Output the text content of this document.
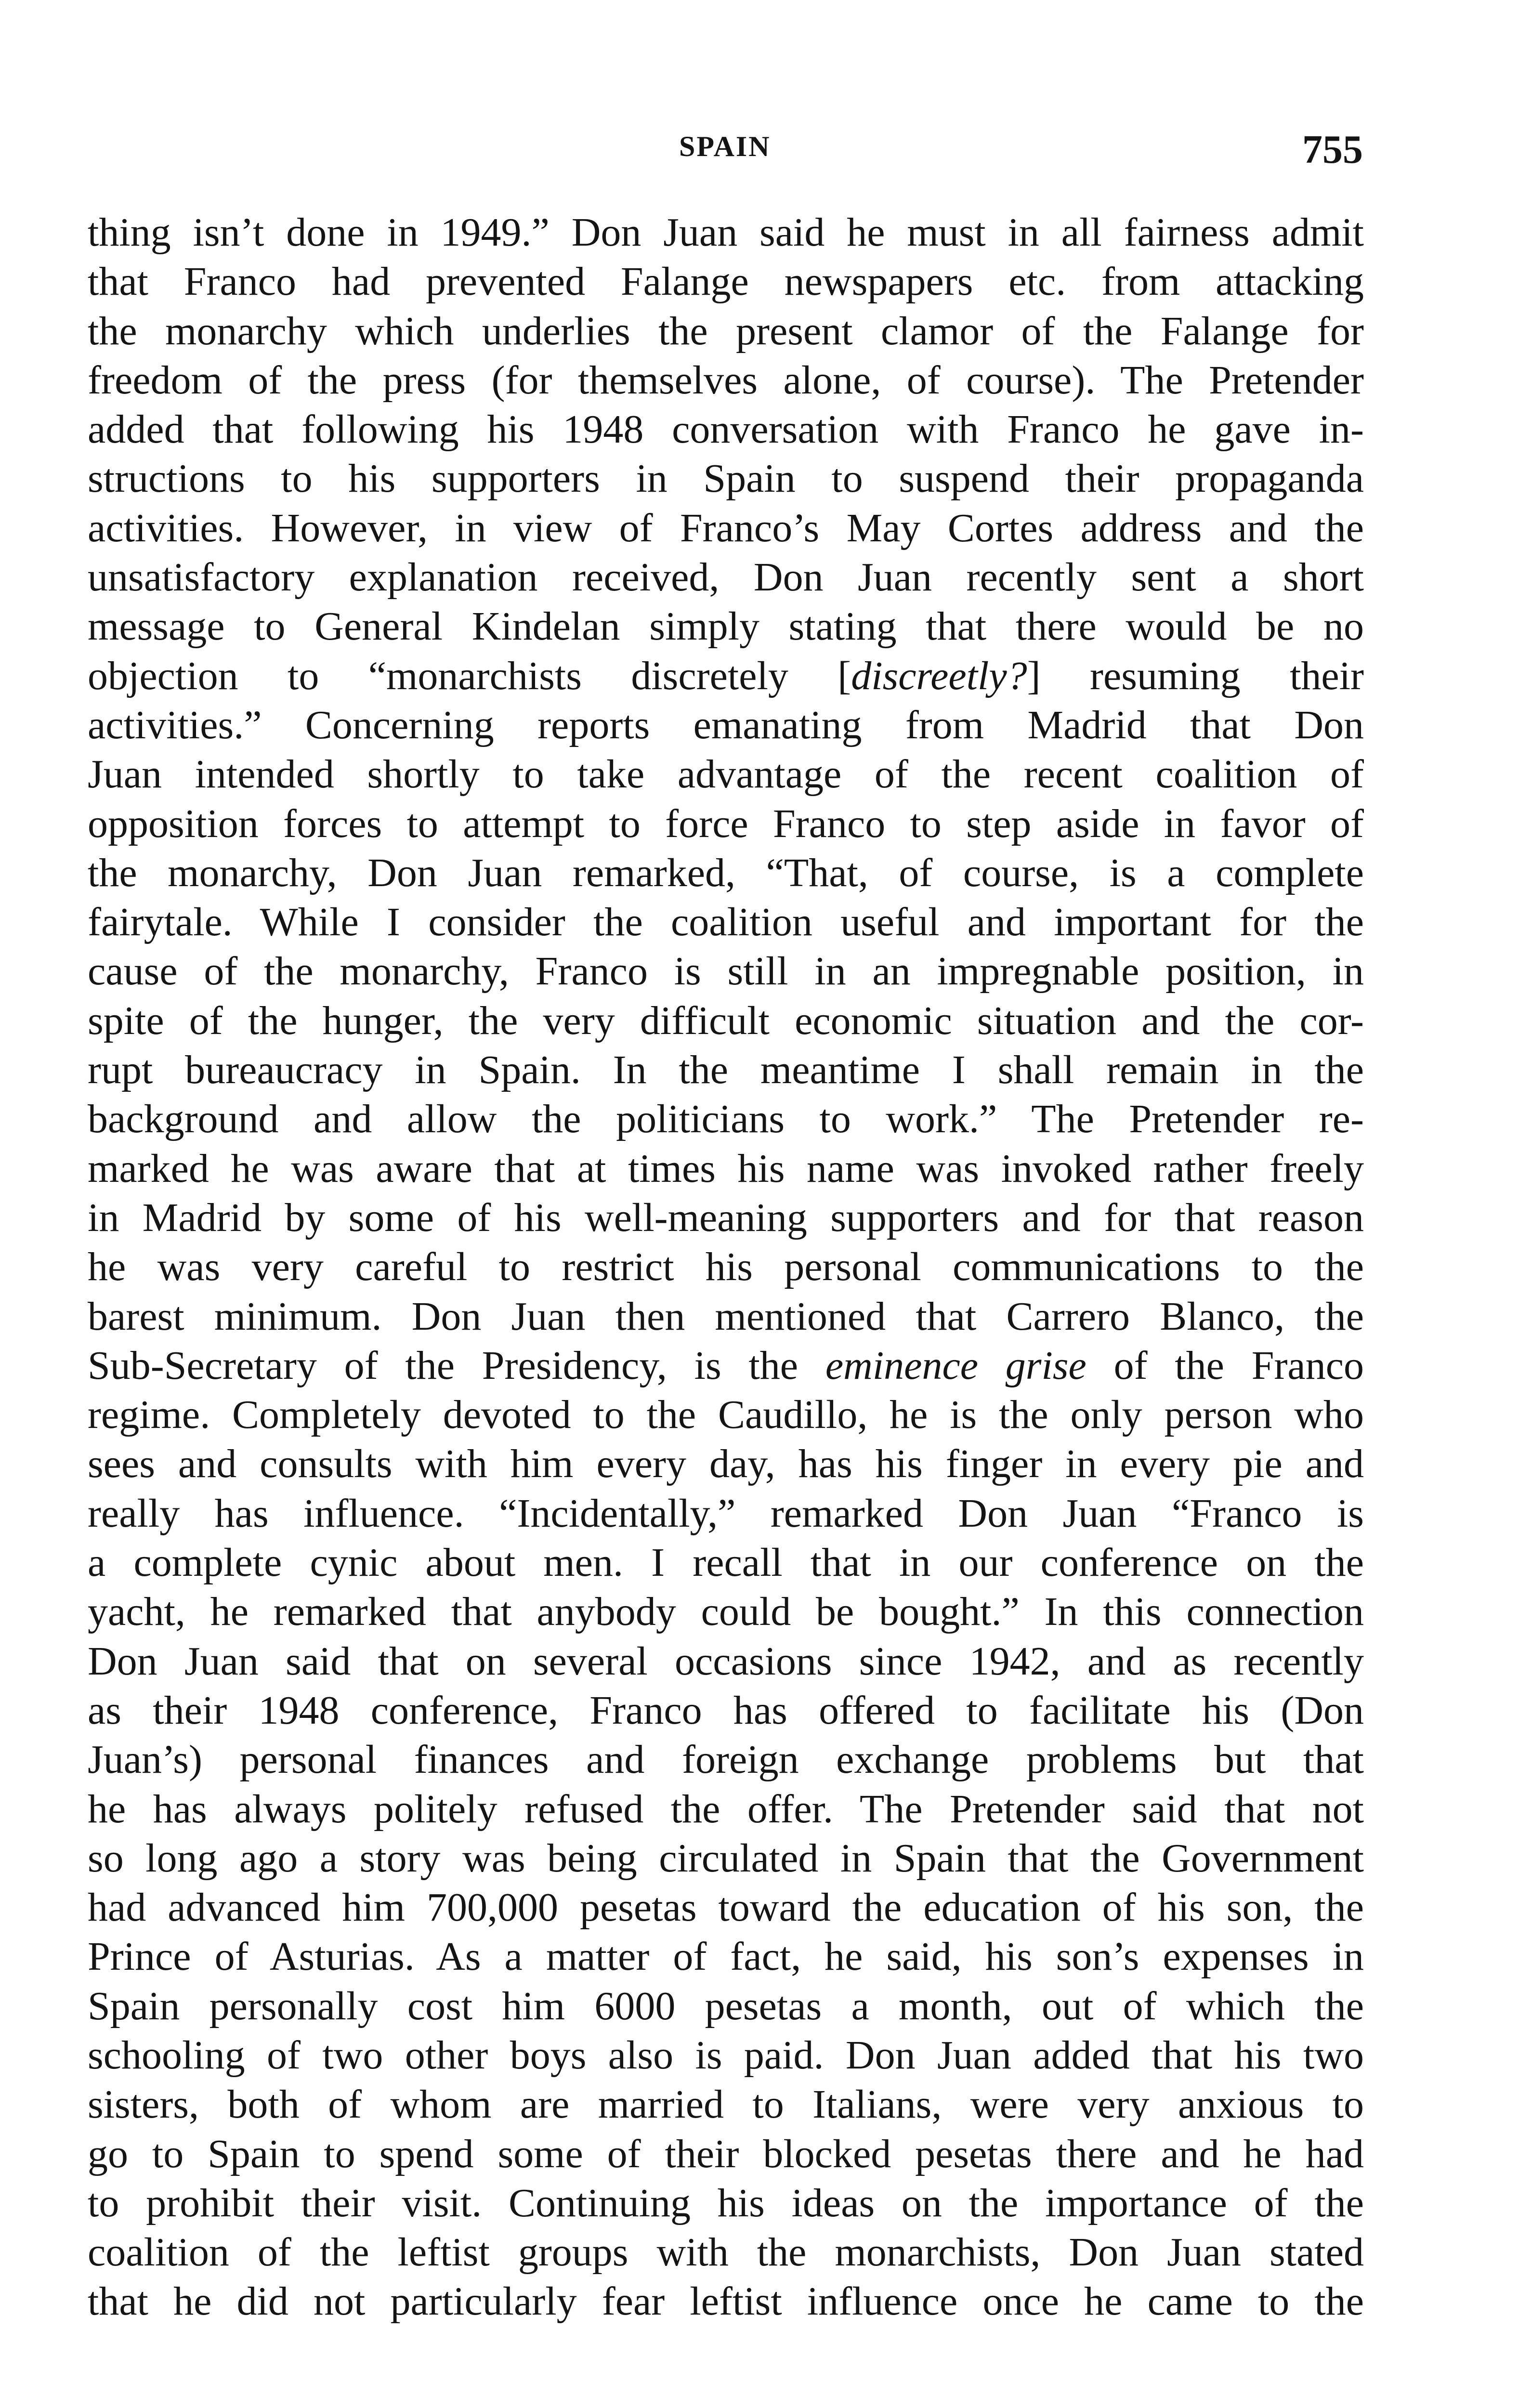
SPAIN	755
thing isn’t done in 1949.” Don Juan said he must in all fairness admit
that Franco had prevented Falange newspapers etc. from attacking
the monarchy which underlies the present clamor of the Falange for
freedom of the press (for themselves alone, of course). The Pretender
added that following his 1948 conversation with Franco he gave in-
structions to his supporters in Spain to suspend their propaganda
activities. However, in view of Franco’s May Cortes address and the
unsatisfactory explanation received, Don Juan recently sent a short
message to General Kindelan simply stating that there would be no
objection to “monarchists discretely [discreetly?] resuming their
activities.” Concerning reports emanating from Madrid that Don
Juan intended shortly to take advantage of the recent coalition of
opposition forces to attempt to force Franco to step aside in favor of
the monarchy, Don Juan remarked, “That, of course, is a complete
fairytale. While I consider the coalition useful and important for the
cause of the monarchy, Franco is still in an impregnable position, in
spite of the hunger, the very difficult economic situation and the cor-
rupt bureaucracy in Spain. In the meantime I shall remain in the
background and allow the politicians to work.” The Pretender re-
marked he was aware that at times his name was invoked rather freely
in Madrid by some of his well-meaning supporters and for that reason
he was very careful to restrict his personal communications to the
barest minimum. Don Juan then mentioned that Carrero Blanco, the
Sub-Secretary of the Presidency, is the eminence grise of the Franco
regime. Completely devoted to the Caudillo, he is the only person who
sees and consults with him every day, has his finger in every pie and
really has influence. “Incidentally,” remarked Don Juan “Franco is
a complete cynic about men. I recall that in our conference on the
yacht, he remarked that anybody could be bought.” In this connection
Don Juan said that on several occasions since 1942, and as recently
as their 1948 conference, Franco has offered to facilitate his (Don
Juan’s) personal finances and foreign exchange problems but that
he has always politely refused the offer. The Pretender said that not
so long ago a story was being circulated in Spain that the Government
had advanced him 700,000 pesetas toward the education of his son, the
Prince of Asturias. As a matter of fact, he said, his son’s expenses in
Spain personally cost him 6000 pesetas a month, out of which the
schooling of two other boys also is paid. Don Juan added that his two
sisters, both of whom are married to Italians, were very anxious to
go to Spain to spend some of their blocked pesetas there and he had
to prohibit their visit. Continuing his ideas on the importance of the
coalition of the leftist groups with the monarchists, Don Juan stated
that he did not particularly fear leftist influence once he came to the
